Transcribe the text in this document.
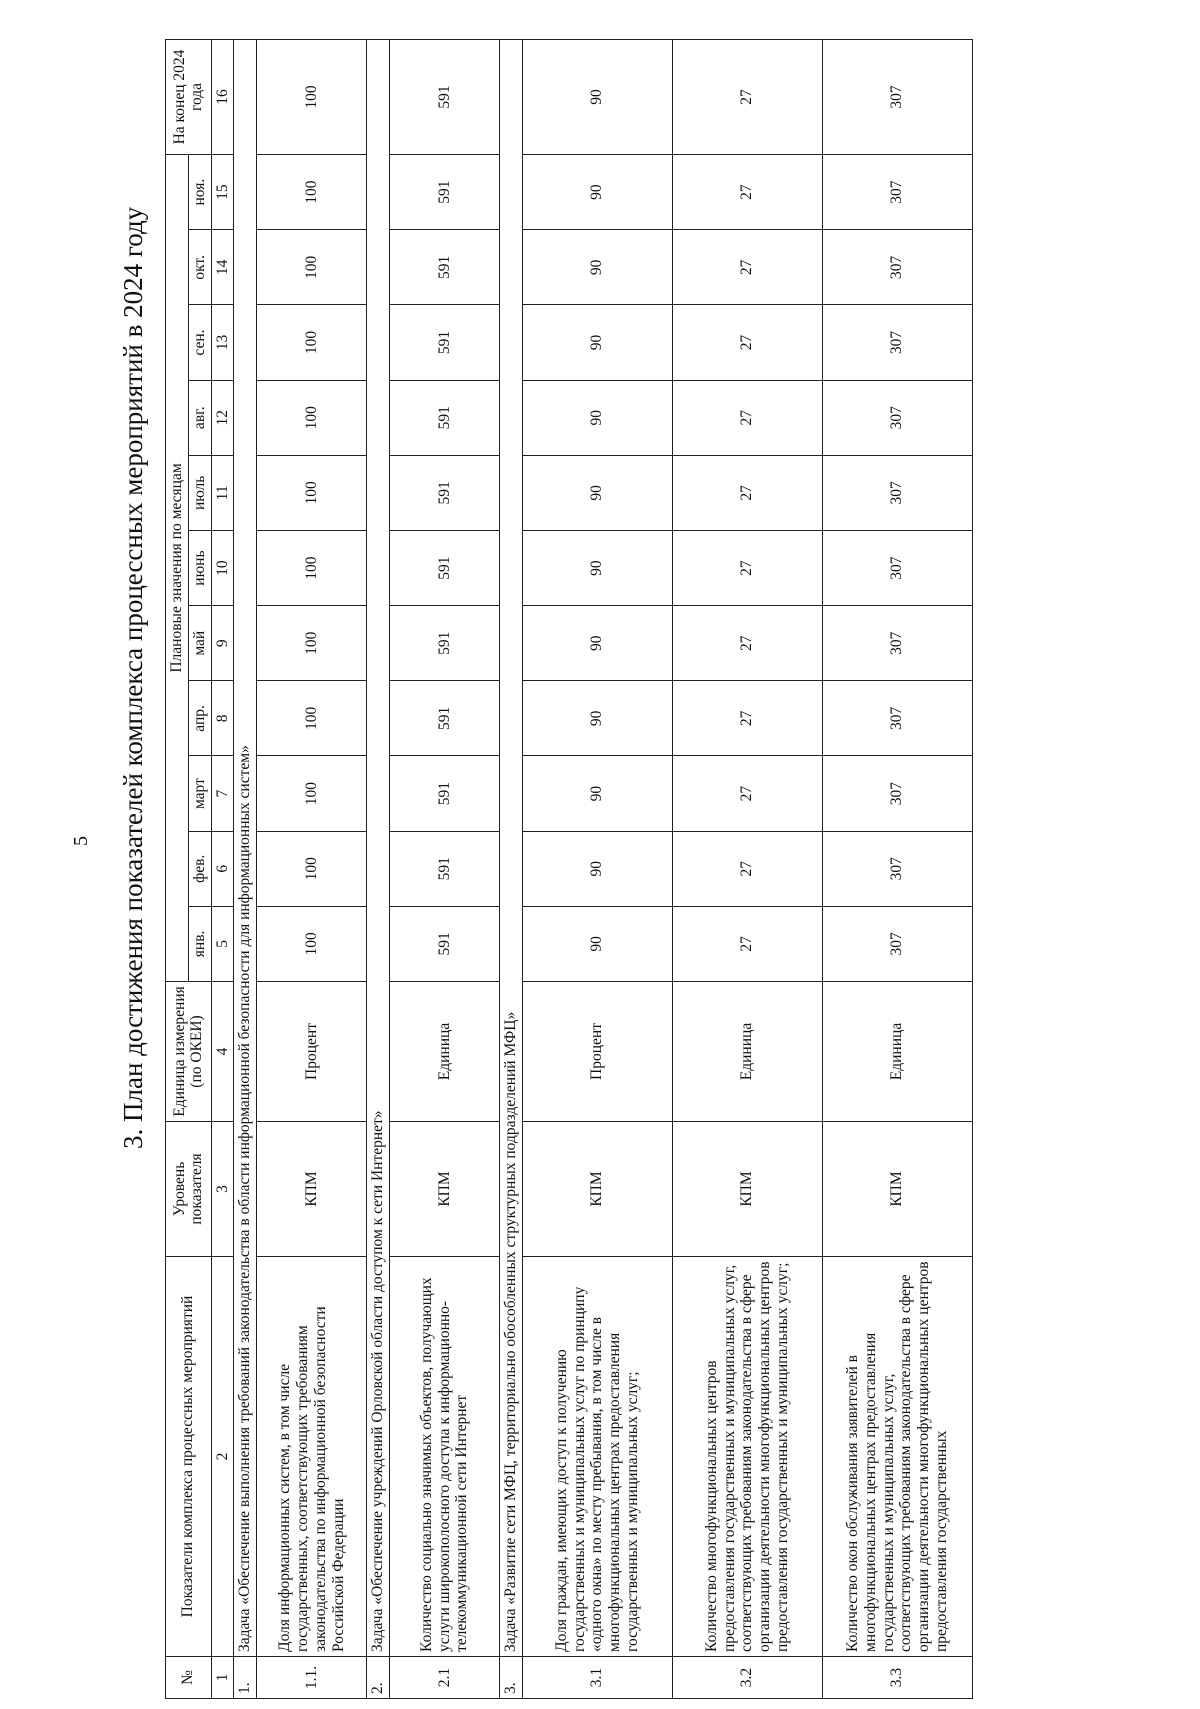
5 3. План достижения показателей комплекса процессных мероприятий в 2024 году
№	Показатели комплекса процессных мероприятий	Уровень показателя	Единица измерения (по ОКЕИ)	Плановые значения по месяцам											На конец 2024 года
				янв.	фев.	март	апр.	май	июнь	июль	авг.	сен.	окт.	ноя.	
1	2	3	4	5	6	7	8	9	10	11	12	13	14	15	16
1.	Задача «Обеспечение выполнения требований законодательства в области информационной безопасности для информационных систем»														
1.1.	Доля информационных систем, в том числе государственных, соответствующих требованиям законодательства по информационной безопасности Российской Федерации	КПМ	Процент	100	100	100	100	100	100	100	100	100	100	100	100
2.	Задача «Обеспечение учреждений Орловской области доступом к сети Интернет»														
2.1	Количество социально значимых объектов, получающих услуги широкополосного доступа к информационно-телекоммуникационной сети Интернет	КПМ	Единица	591	591	591	591	591	591	591	591	591	591	591	591
3.	Задача «Развитие сети МФЦ, территориально обособленных структурных подразделений МФЦ»														
3.1	Доля граждан, имеющих доступ к получению государственных и муниципальных услуг по принципу «одного окна» по месту пребывания, в том числе в многофункциональных центрах предоставления государственных и муниципальных услуг;	КПМ	Процент	90	90	90	90	90	90	90	90	90	90	90	90
3.2	Количество многофункциональных центров предоставления государственных и муниципальных услуг, соответствующих требованиям законодательства в сфере организации деятельности многофункциональных центров предоставления государственных и муниципальных услуг;	КПМ	Единица	27	27	27	27	27	27	27	27	27	27	27	27
3.3	Количество окон обслуживания заявителей в многофункциональных центрах предоставления государственных и муниципальных услуг, соответствующих требованиям законодательства в сфере организации деятельности многофункциональных центров предоставления государственных	КПМ	Единица	307	307	307	307	307	307	307	307	307	307	307	307
